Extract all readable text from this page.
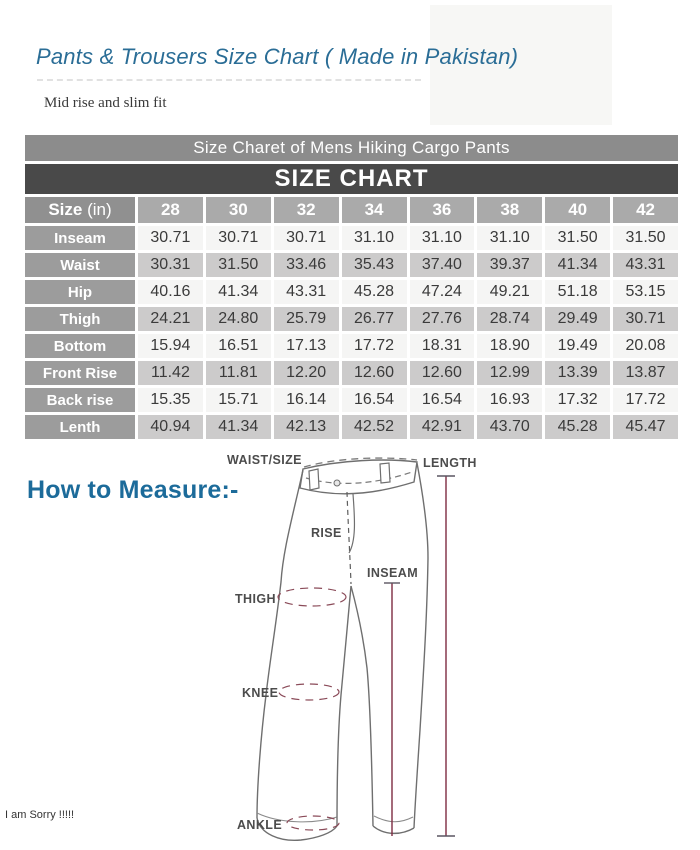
Pants & Trousers Size Chart ( Made in Pakistan)
Mid rise and slim fit
Size Charet of Mens Hiking Cargo Pants								
SIZE CHART								
Size (in)	28	30	32	34	36	38	40	42
Inseam	30.71	30.71	30.71	31.10	31.10	31.10	31.50	31.50
Waist	30.31	31.50	33.46	35.43	37.40	39.37	41.34	43.31
Hip	40.16	41.34	43.31	45.28	47.24	49.21	51.18	53.15
Thigh	24.21	24.80	25.79	26.77	27.76	28.74	29.49	30.71
Bottom	15.94	16.51	17.13	17.72	18.31	18.90	19.49	20.08
Front Rise	11.42	11.81	12.20	12.60	12.60	12.99	13.39	13.87
Back rise	15.35	15.71	16.14	16.54	16.54	16.93	17.32	17.72
Lenth	40.94	41.34	42.13	42.52	42.91	43.70	45.28	45.47
How to Measure:-
WAIST/SIZE	LENGTH
RISE
INSEAM
THIGH
KNEE
ANKLE
I am Sorry !!!!!
